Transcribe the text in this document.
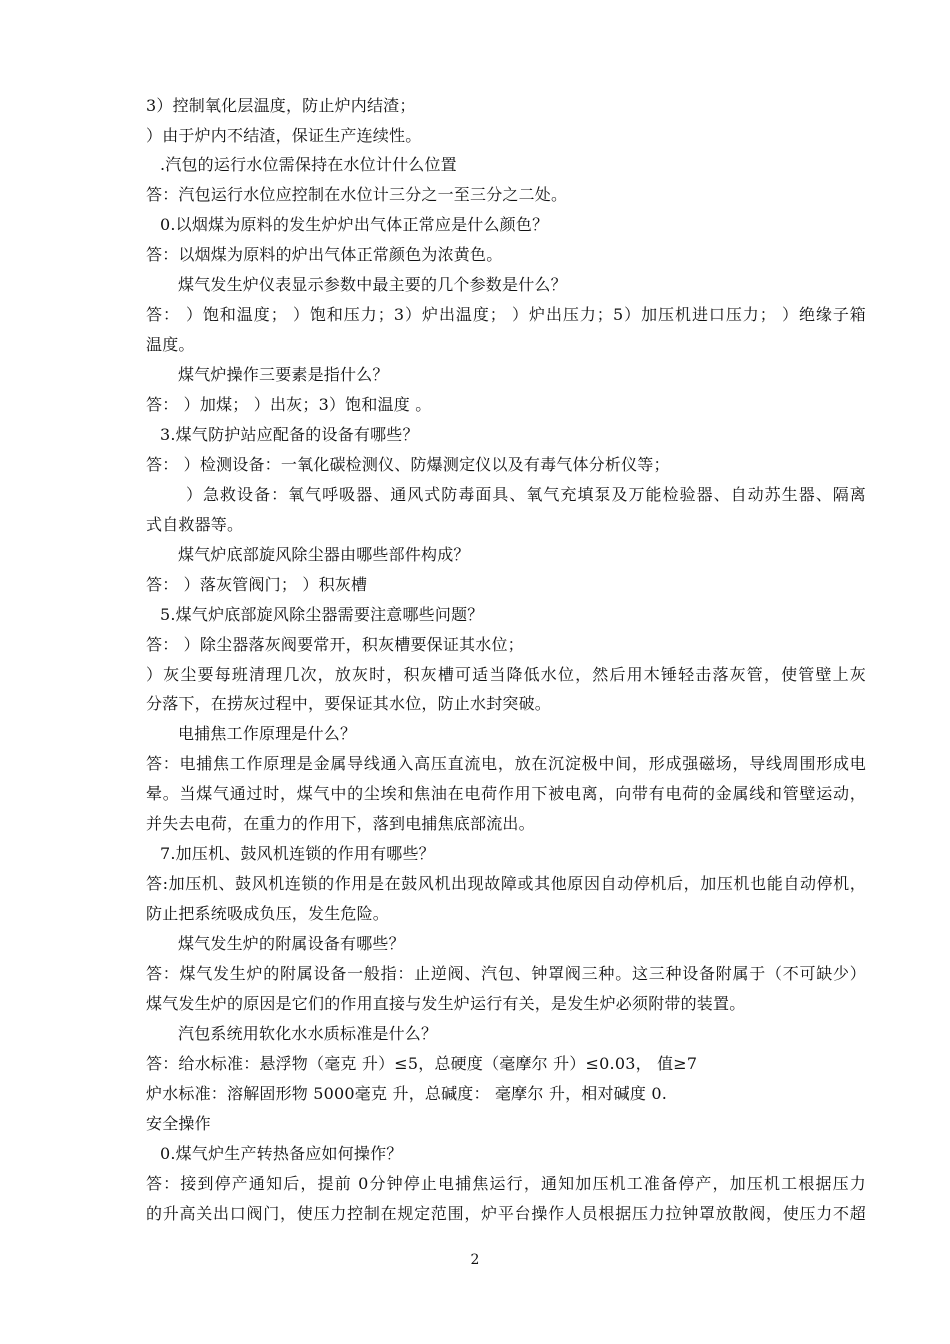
3）控制氧化层温度，防止炉内结渣；
）由于炉内不结渣，保证生产连续性。
.汽包的运行水位需保持在水位计什么位置
答：汽包运行水位应控制在水位计三分之一至三分之二处。
0.以烟煤为原料的发生炉炉出气体正常应是什么颜色？
答：以烟煤为原料的炉出气体正常颜色为浓黄色。
煤气发生炉仪表显示参数中最主要的几个参数是什么？
答： ）饱和温度； ）饱和压力；3）炉出温度； ）炉出压力；5）加压机进口压力； ）绝缘子箱
温度。
煤气炉操作三要素是指什么？
答： ）加煤； ）出灰；3）饱和温度 。
3.煤气防护站应配备的设备有哪些？
答： ）检测设备：一氧化碳检测仪、防爆测定仪以及有毒气体分析仪等；
）急救设备：氧气呼吸器、通风式防毒面具、氧气充填泵及万能检验器、自动苏生器、隔离
式自救器等。
煤气炉底部旋风除尘器由哪些部件构成？
答： ）落灰管阀门； ）积灰槽
5.煤气炉底部旋风除尘器需要注意哪些问题？
答： ）除尘器落灰阀要常开，积灰槽要保证其水位；
）灰尘要每班清理几次，放灰时，积灰槽可适当降低水位，然后用木锤轻击落灰管，使管壁上灰
分落下，在捞灰过程中，要保证其水位，防止水封突破。
电捕焦工作原理是什么？
答：电捕焦工作原理是金属导线通入高压直流电，放在沉淀极中间，形成强磁场，导线周围形成电
晕。当煤气通过时，煤气中的尘埃和焦油在电荷作用下被电离，向带有电荷的金属线和管壁运动，
并失去电荷，在重力的作用下，落到电捕焦底部流出。
7.加压机、鼓风机连锁的作用有哪些？
答:加压机、鼓风机连锁的作用是在鼓风机出现故障或其他原因自动停机后，加压机也能自动停机，
防止把系统吸成负压，发生危险。
煤气发生炉的附属设备有哪些？
答：煤气发生炉的附属设备一般指：止逆阀、汽包、钟罩阀三种。这三种设备附属于（不可缺少）
煤气发生炉的原因是它们的作用直接与发生炉运行有关，是发生炉必须附带的装置。
汽包系统用软化水水质标准是什么？
答：给水标准：悬浮物（毫克 升）≤5，总硬度（毫摩尔 升）≤0.03， 值≥7
炉水标准：溶解固形物 5000毫克 升，总碱度： 毫摩尔 升，相对碱度 0.
安全操作
0.煤气炉生产转热备应如何操作？
答：接到停产通知后，提前 0分钟停止电捕焦运行，通知加压机工准备停产，加压机工根据压力
的升高关出口阀门，使压力控制在规定范围，炉平台操作人员根据压力拉钟罩放散阀，使压力不超
2
